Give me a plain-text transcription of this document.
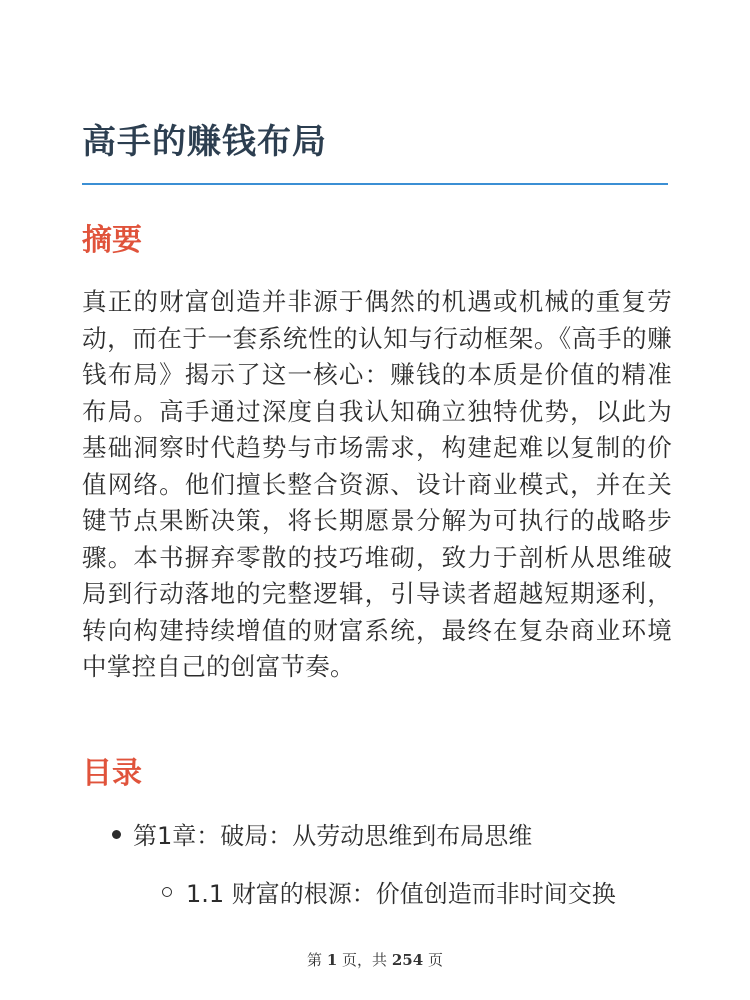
高手的赚钱布局
摘要

真正的财富创造并非源于偶然的机遇或机械的重复劳动，而在于一套系统性的认知与行动框架。《高手的赚钱布局》揭示了这一核心：赚钱的本质是价值的精准布局。高手通过深度自我认知确立独特优势，以此为基础洞察时代趋势与市场需求，构建起难以复制的价值网络。他们擅长整合资源、设计商业模式，并在关键节点果断决策，将长期愿景分解为可执行的战略步骤。本书摒弃零散的技巧堆砌，致力于剖析从思维破局到行动落地的完整逻辑，引导读者超越短期逐利，转向构建持续增值的财富系统，最终在复杂商业环境中掌控自己的创富节奏。

目录
第1章：破局：从劳动思维到布局思维
1.1 财富的根源：价值创造而非时间交换
第 1 页，共 254 页
